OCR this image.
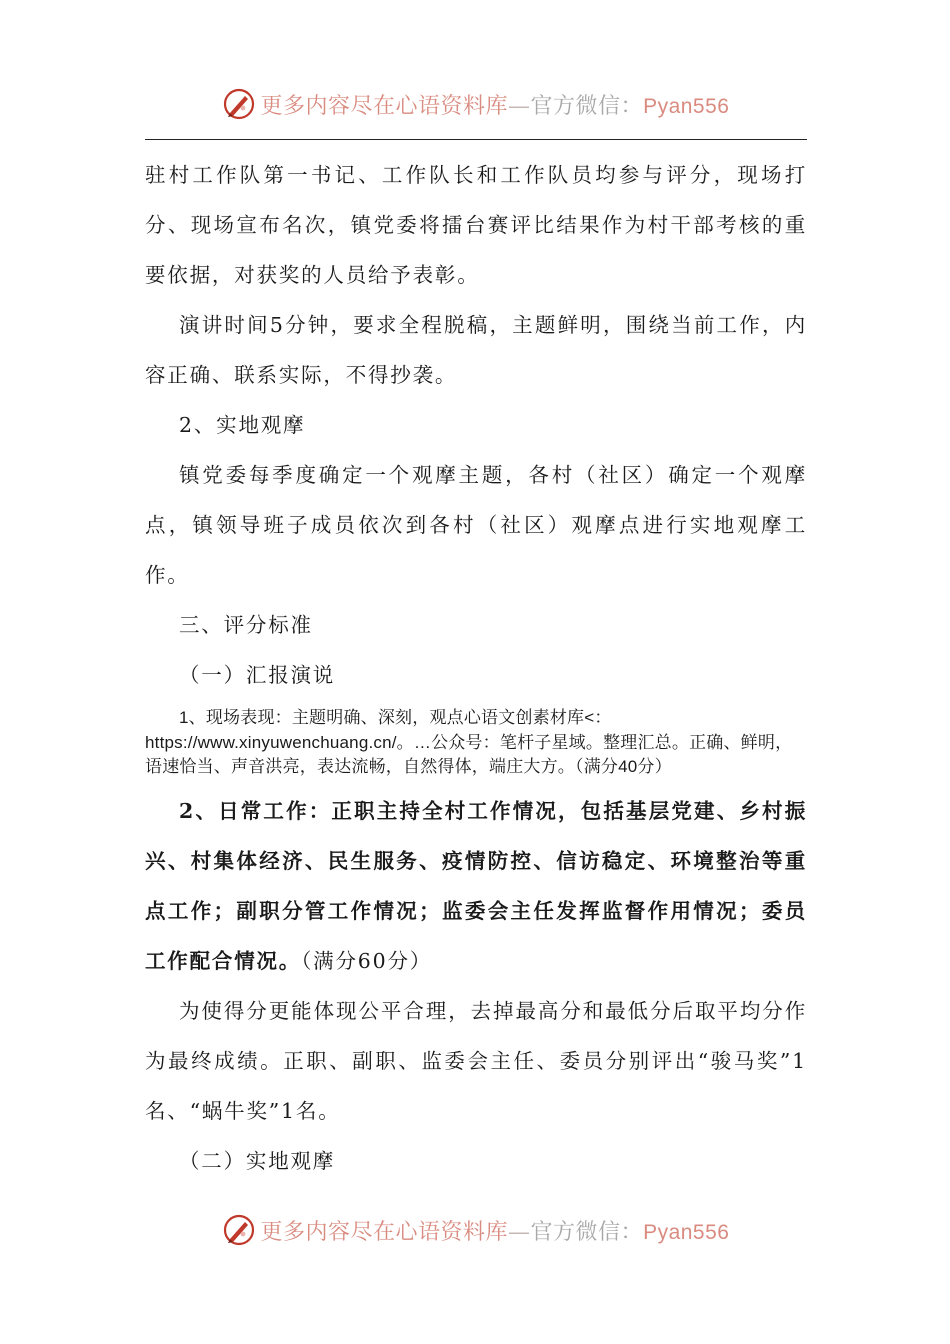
更多内容尽在心语资料库—官方微信：Pyan556

驻村工作队第一书记、工作队长和工作队员均参与评分，现场打分、现场宣布名次，镇党委将擂台赛评比结果作为村干部考核的重要依据，对获奖的人员给予表彰。

演讲时间5分钟，要求全程脱稿，主题鲜明，围绕当前工作，内容正确、联系实际，不得抄袭。

2、实地观摩

镇党委每季度确定一个观摩主题，各村（社区）确定一个观摩点，镇领导班子成员依次到各村（社区）观摩点进行实地观摩工作。

三、评分标准

（一）汇报演说

1、现场表现：主题明确、深刻，观点心语文创素材库<：https://www.xinyuwenchuang.cn/。…公众号：笔杆子星域。整理汇总。正确、鲜明，语速恰当、声音洪亮，表达流畅，自然得体，端庄大方。（满分40分）

2、日常工作：正职主持全村工作情况，包括基层党建、乡村振兴、村集体经济、民生服务、疫情防控、信访稳定、环境整治等重点工作；副职分管工作情况；监委会主任发挥监督作用情况；委员工作配合情况。（满分60分）

为使得分更能体现公平合理，去掉最高分和最低分后取平均分作为最终成绩。正职、副职、监委会主任、委员分别评出“骏马奖”1名、“蜗牛奖”1名。

（二）实地观摩

更多内容尽在心语资料库—官方微信：Pyan556
